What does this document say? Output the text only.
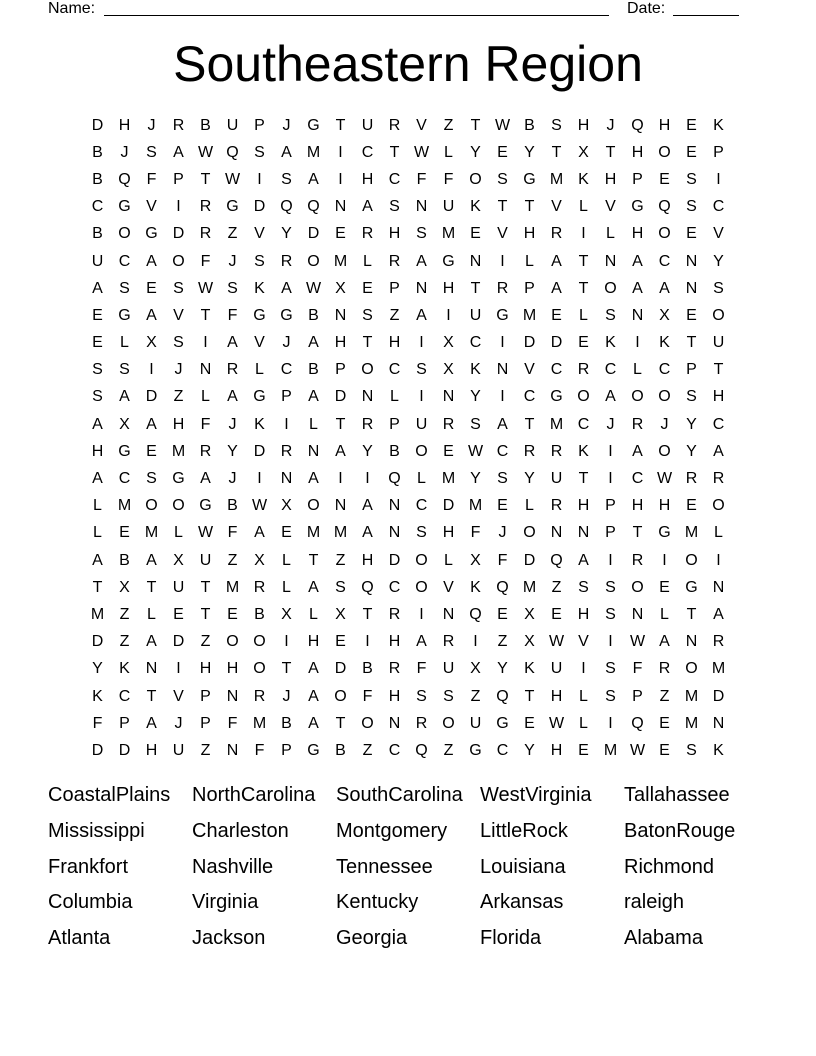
Name:	Date:
Southeastern Region
D H	J	R B U P	J	G T	U R V	Z	T W B	S H	J	Q H E	K
B	J	S	A W Q S	A M	I	C	T W L	Y	E	Y	T	X	T	H O E	P
B Q F	P	T W	I	S	A	I	H C	F	F O S G M K H P	E	S	I
C G V	I	R G D Q Q N A	S N U K	T	T	V	L	V G Q S C
B O G D R	Z	V	Y D E R H S M E	V H R	I	L	H O E	V
U C A O F	J	S R O M L	R A G N	I	L	A	T	N A C N Y
A	S	E	S W S	K	A W X	E	P N H	T	R P	A	T O A	A N S
E G A	V	T	F G G B N S	Z	A	I	U G M E	L	S N X	E O
E	L	X	S	I	A	V	J	A H	T	H	I	X C	I	D D E	K	I	K	T	U
S	S	I	J	N R	L	C B	P O C S	X	K N V C R C	L	C P	T
S	A D	Z	L	A G P	A D N	L	I	N Y	I	C G O A O O S H
A	X	A H	F	J	K	I	L	T	R P U R S	A	T M C	J	R	J	Y C
H G E M R Y D R N A	Y	B O E W C R R K	I	A O Y	A
A C S G A	J	I	N A	I	I	Q	L M Y	S	Y U	T	I	C W R R
L M O O G B W X O N A N C D M E	L	R H P H H E O
L	E M L W F	A	E M M A N S H	F	J	O N N P	T G M L
A	B	A	X U	Z	X	L	T	Z	H D O	L	X	F	D Q A	I	R	I	O	I
T	X	T	U	T M R	L	A	S Q C O V	K Q M Z	S	S O E G N
M Z	L	E	T	E	B	X	L	X	T	R	I	N Q E	X	E H S N	L	T	A
D	Z	A D	Z O O	I	H E	I	H A R	I	Z	X W V	I	W A N R
Y	K N	I	H H O T	A D B R	F	U X	Y	K U	I	S	F	R O M
K C	T	V	P N R	J	A O F	H S	S	Z Q T	H	L	S	P	Z M D
F	P	A	J	P	F M B	A	T O N R O U G E W L	I	Q E M N
D D H U	Z	N	F	P G B	Z	C Q Z G C Y H E M W E	S	K
CoastalPlains	NorthCarolina	SouthCarolina WestVirginia	Tallahassee
Mississippi	Charleston	Montgomery	LittleRock	BatonRouge
Frankfort	Nashville	Tennessee	Louisiana	Richmond
Columbia	Virginia	Kentucky	Arkansas	raleigh
Atlanta	Jackson	Georgia	Florida	Alabama
